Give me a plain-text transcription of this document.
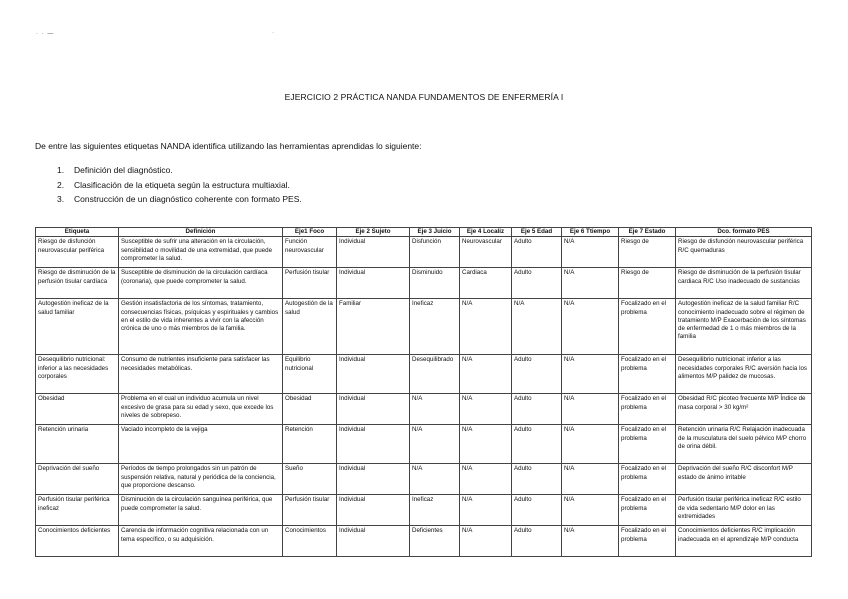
· · —	·
EJERCICIO 2 PRÁCTICA NANDA FUNDAMENTOS DE ENFERMERÍA I
De entre las siguientes etiquetas NANDA identifica utilizando las herramientas aprendidas lo siguiente:
1.	Definición del diagnóstico.
2.	Clasificación de la etiqueta según la estructura multiaxial.
3.	Construcción de un diagnóstico coherente con formato PES.
Etiqueta	Definición	Eje1 Foco	Eje 2 Sujeto	Eje 3 Juicio	Eje 4 Localiz	Eje 5 Edad	Eje 6 Ttiempo	Eje 7 Estado	Dco. formato PES
Riesgo de disfunción neurovascular periférica	Susceptible de sufrir una alteración en la circulación, sensibilidad o movilidad de una extremidad, que puede comprometer la salud.	Función neurovascular	Individual	Disfunción	Neurovascular	Adulto	N/A	Riesgo de	Riesgo de disfunción neurovascular periférica R/C quemaduras
Riesgo de disminución de la perfusión tisular cardíaca	Susceptible de disminución de la circulación cardíaca (coronaria), que puede comprometer la salud.	Perfusión tisular	Individual	Disminuido	Cardiaca	Adulto	N/A	Riesgo de	Riesgo de disminución de la perfusión tisular cardiaca R/C Uso inadecuado de sustancias
Autogestión ineficaz de la salud familiar	Gestión insatisfactoria de los síntomas, tratamiento, consecuencias físicas, psíquicas y espirituales y cambios en el estilo de vida inherentes a vivir con la afección crónica de uno o más miembros de la familia.	Autogestión de la salud	Familiar	Ineficaz	N/A	N/A	N/A	Focalizado en el problema	Autogestión ineficaz de la salud familiar R/C conocimiento inadecuado sobre el régimen de tratamiento M/P Exacerbación de los síntomas de enfermedad de 1 o más miembros de la familia
Desequilibrio nutricional: inferior a las necesidades corporales	Consumo de nutrientes insuficiente para satisfacer las necesidades metabólicas.	Equilibrio nutricional	Individual	Desequilibrado	N/A	Adulto	N/A	Focalizado en el problema	Desequilibrio nutricional: inferior a las necesidades corporales R/C aversión hacia los alimentos M/P palidez de mucosas.
Obesidad	Problema en el cual un individuo acumula un nivel excesivo de grasa para su edad y sexo, que excede los niveles de sobrepeso.	Obesidad	Individual	N/A	N/A	Adulto	N/A	Focalizado en el problema	Obesidad R/C picoteo frecuente M/P Índice de masa corporal > 30 kg/m²
Retención urinaria	Vaciado incompleto de la vejiga	Retención	Individual	N/A	N/A	Adulto	N/A	Focalizado en el problema	Retención urinaria R/C Relajación inadecuada de la musculatura del suelo pélvico M/P chorro de orina débil.
Deprivación del sueño	Períodos de tiempo prolongados sin un patrón de suspensión relativa, natural y periódica de la conciencia, que proporcione descanso.	Sueño	Individual	N/A	N/A	Adulto	N/A	Focalizado en el problema	Deprivación del sueño R/C disconfort M/P estado de ánimo irritable
Perfusión tisular periférica ineficaz	Disminución de la circulación sanguínea periférica, que puede comprometer la salud.	Perfusión tisular	Individual	Ineficaz	N/A	Adulto	N/A	Focalizado en el problema	Perfusión tisular periférica ineficaz R/C estilo de vida sedentario M/P dolor en las extremidades
Conocimientos deficientes	Carencia de información cognitiva relacionada con un tema específico, o su adquisición.	Conocimientos	Individual	Deficientes	N/A	Adulto	N/A	Focalizado en el problema	Conocimientos deficientes R/C implicación inadecuada en el aprendizaje M/P conducta
